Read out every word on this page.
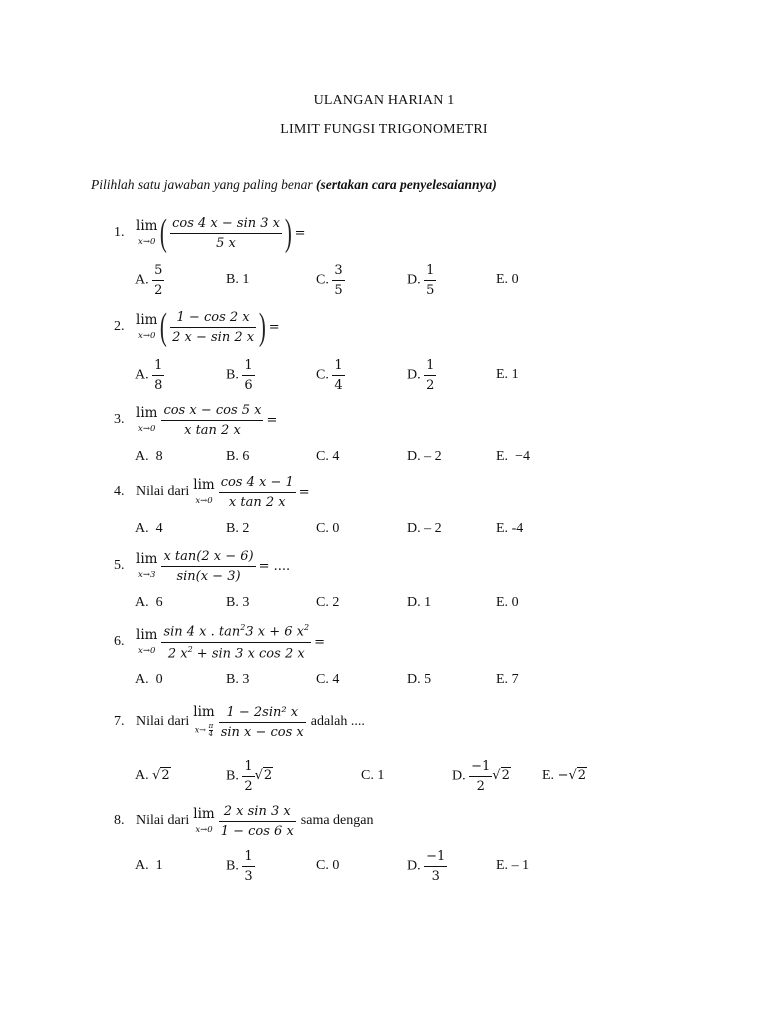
ULANGAN HARIAN 1
LIMIT FUNGSI TRIGONOMETRI
Pilihlah satu jawaban yang paling benar (sertakan cara penyelesaiannya)
1. lim
x→0 ( $\frac{\cos 4 x - \sin 3 x}{5 x}$ ) =
A. $\frac{5}{2}$	B. 1	C. $\frac{3}{5}$	D. $\frac{1}{5}$	E. 0
2. lim
x→0 ( $\frac{1 - \cos 2 x}{2 x - \sin 2 x}$ ) =
A. $\frac{1}{8}$	B. $\frac{1}{6}$	C. $\frac{1}{4}$	D. $\frac{1}{2}$	E. 1
3. lim
$x\to 0 \frac{\text{cos x − cos 5 x}}{\text{x tan 2 x}}$ =
A. 8	B. 6	C. 4	D. – 2	E. −4
4. Nilai dari lim
$x\to 0 \frac{\cos 4 x - 1}{\text{x tan 2 x}}$ =
A. 4	B. 2	C. 0	D. – 2	E. -4
5. lim
$x\to 3 \frac{\text{x tan(2 x − 6)}}{\sin(x - 3)}$ = ....
A. 6	B. 3	C. 2	D. 1	E. 0
6. lim
$x\to 0 \frac{\sin 4 x . \tan^23 x + 6 x^2}{2 x^2 + \sin 3 x \cos 2 x}$ =
A. 0	B. 3	C. 4	D. 5	E. 7
7. Nilai dari
lim
$x\to \frac{\pi}{4} \frac{\text{1 − 2sin² x}}{\text{sin x − cos x}}$ adalah ....
A. √2	B. $\frac{1}{2} √2$	C. 1	D. $\frac{-1}{2} √2$ E. −√2
8. Nilai dari lim
$x\to 0 \frac{\text{2 x sin 3 x}}{1 - \cos 6 x}$ sama dengan
A. 1	B. $\frac{1}{3}$	C. 0	D. $\frac{-1}{3}$	E. – 1
